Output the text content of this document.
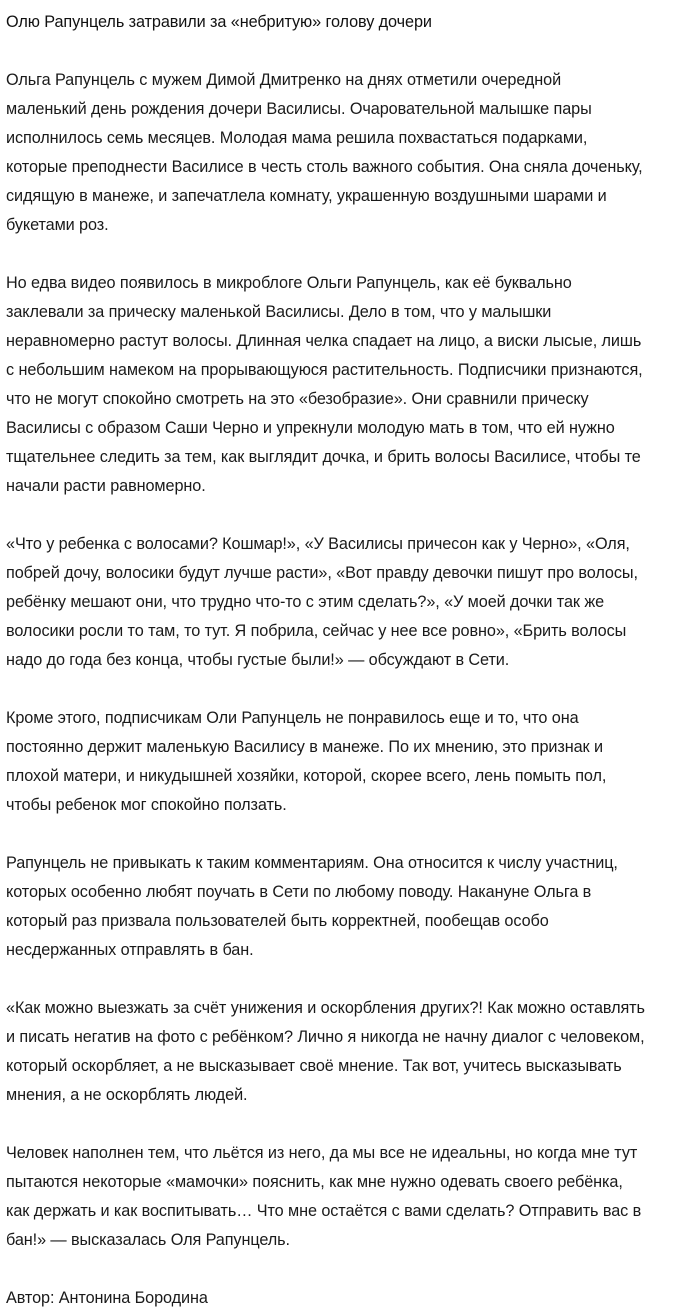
Олю Рапунцель затравили за «небритую» голову дочери

Ольга Рапунцель с мужем Димой Дмитренко на днях отметили очередной маленький день рождения дочери Василисы. Очаровательной малышке пары исполнилось семь месяцев. Молодая мама решила похвастаться подарками, которые преподнести Василисе в честь столь важного события. Она сняла доченьку, сидящую в манеже, и запечатлела комнату, украшенную воздушными шарами и букетами роз.

Но едва видео появилось в микроблоге Ольги Рапунцель, как её буквально заклевали за прическу маленькой Василисы. Дело в том, что у малышки неравномерно растут волосы. Длинная челка спадает на лицо, а виски лысые, лишь с небольшим намеком на прорывающуюся растительность. Подписчики признаются, что не могут спокойно смотреть на это «безобразие». Они сравнили прическу Василисы с образом Саши Черно и упрекнули молодую мать в том, что ей нужно тщательнее следить за тем, как выглядит дочка, и брить волосы Василисе, чтобы те начали расти равномерно.

«Что у ребенка с волосами? Кошмар!», «У Василисы причесон как у Черно», «Оля, побрей дочу, волосики будут лучше расти», «Вот правду девочки пишут про волосы, ребёнку мешают они, что трудно что-то с этим сделать?», «У моей дочки так же волосики росли то там, то тут. Я побрила, сейчас у нее все ровно», «Брить волосы надо до года без конца, чтобы густые были!» — обсуждают в Сети.

Кроме этого, подписчикам Оли Рапунцель не понравилось еще и то, что она постоянно держит маленькую Василису в манеже. По их мнению, это признак и плохой матери, и никудышней хозяйки, которой, скорее всего, лень помыть пол, чтобы ребенок мог спокойно ползать.

Рапунцель не привыкать к таким комментариям. Она относится к числу участниц, которых особенно любят поучать в Сети по любому поводу. Накануне Ольга в который раз призвала пользователей быть корректней, пообещав особо несдержанных отправлять в бан.

«Как можно выезжать за счёт унижения и оскорбления других?! Как можно оставлять и писать негатив на фото с ребёнком? Лично я никогда не начну диалог с человеком, который оскорбляет, а не высказывает своё мнение. Так вот, учитесь высказывать мнения, а не оскорблять людей.

Человек наполнен тем, что льётся из него, да мы все не идеальны, но когда мне тут пытаются некоторые «мамочки» пояснить, как мне нужно одевать своего ребёнка, как держать и как воспитывать… Что мне остаётся с вами сделать? Отправить вас в бан!» — высказалась Оля Рапунцель.

Автор: Антонина Бородина
